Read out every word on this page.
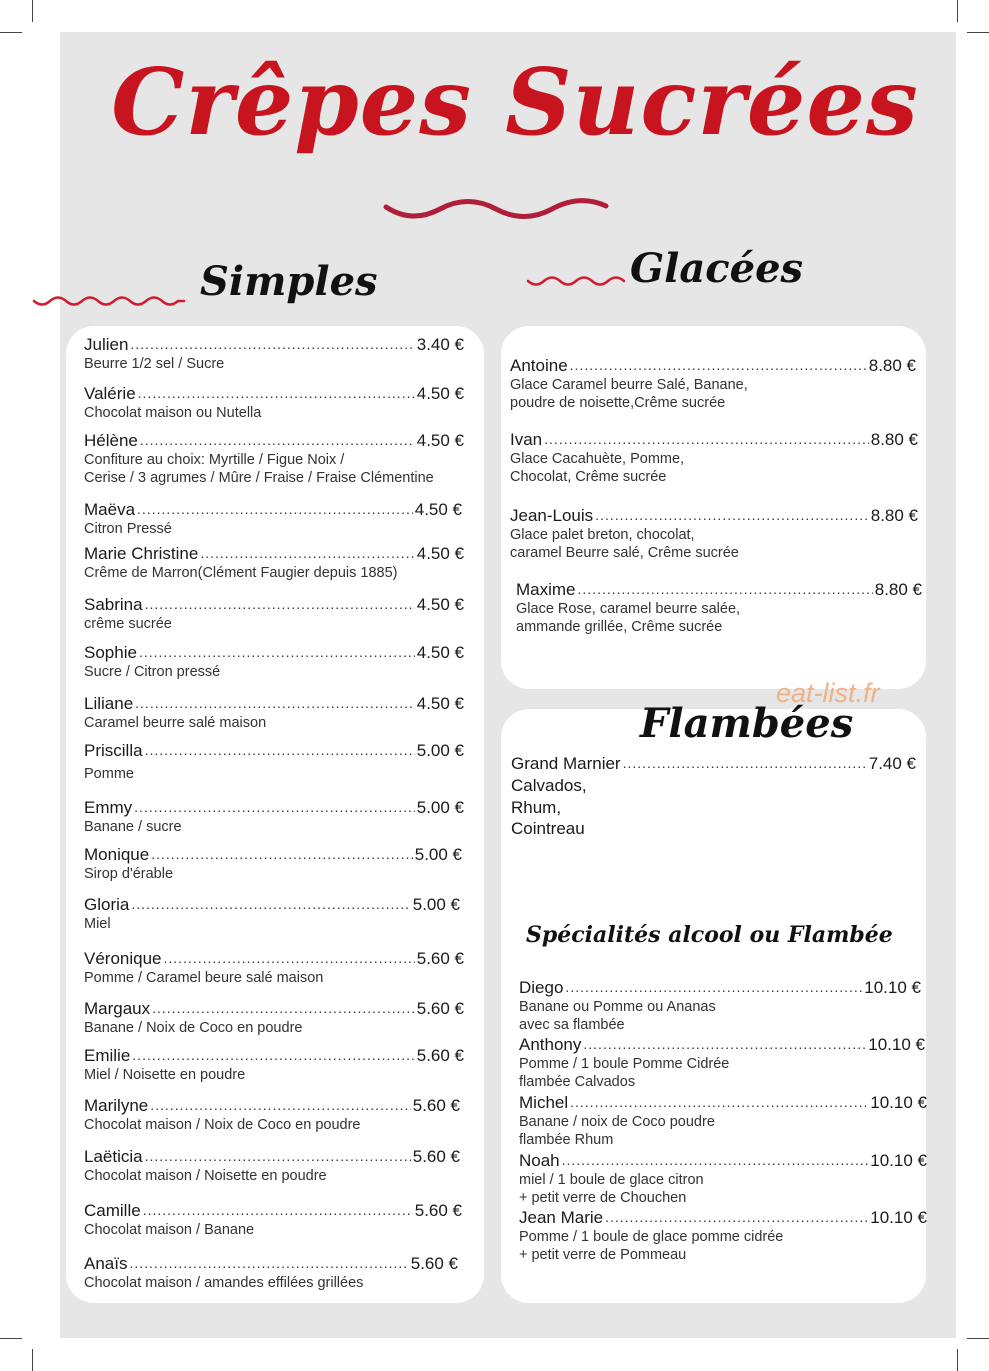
Crêpes Sucrées
Simples	Glacées
Flambées
eat-list.fr
Julien .....	3.40 €
Beurre 1/2 sel / Sucre
Valérie .....	4.50 €
Chocolat maison ou Nutella
Hélène .....	4.50 €
Confiture au choix: Myrtille / Figue Noix /
Cerise / 3 agrumes / Mûre / Fraise / Fraise Clémentine
Maëva .....	4.50 €
Citron Pressé
Marie Christine .....	4.50 €
Crême de Marron(Clément Faugier depuis 1885)
Sabrina .....	4.50 €
crême sucrée
Sophie .....	4.50 €
Sucre / Citron pressé
Liliane .....	4.50 €
Caramel beurre salé maison
Priscilla .....	5.00 €
Pomme
Emmy .....	5.00 €
Banane / sucre
Monique .....	5.00 €
Sirop d'érable
Gloria .....	5.00 €
Miel
Véronique .....	5.60 €
Pomme / Caramel beure salé maison
Margaux .....	5.60 €
Banane / Noix de Coco en poudre
Emilie .....	5.60 €
Miel / Noisette en poudre
Marilyne .....	5.60 €
Chocolat maison / Noix de Coco en poudre
Laëticia .....	5.60 €
Chocolat maison / Noisette en poudre
Camille .....	5.60 €
Chocolat maison / Banane
Anaïs .....	5.60 €
Chocolat maison / amandes effilées grillées
Antoine .....	8.80 €
Glace Caramel beurre Salé, Banane,
poudre de noisette,Crême sucrée
Ivan .....	8.80 €
Glace Cacahuète, Pomme,
Chocolat, Crême sucrée
Jean-Louis .....	8.80 €
Glace palet breton, chocolat,
caramel Beurre salé, Crême sucrée
Maxime .....	8.80 €
Glace Rose, caramel beurre salée,
ammande grillée, Crême sucrée
Grand Marnier .....	7.40 €
Calvados,
Rhum,
Cointreau
Spécialités alcool ou Flambée
Diego .....	10.10 €
Banane ou Pomme ou Ananas
avec sa flambée
Anthony .....	10.10 €
Pomme / 1 boule Pomme Cidrée
flambée Calvados
Michel .....	10.10 €
Banane / noix de Coco poudre
flambée Rhum
Noah .....	10.10 €
miel / 1 boule de glace citron
+ petit verre de Chouchen
Jean Marie .....	10.10 €
Pomme / 1 boule de glace pomme cidrée
+ petit verre de Pommeau
